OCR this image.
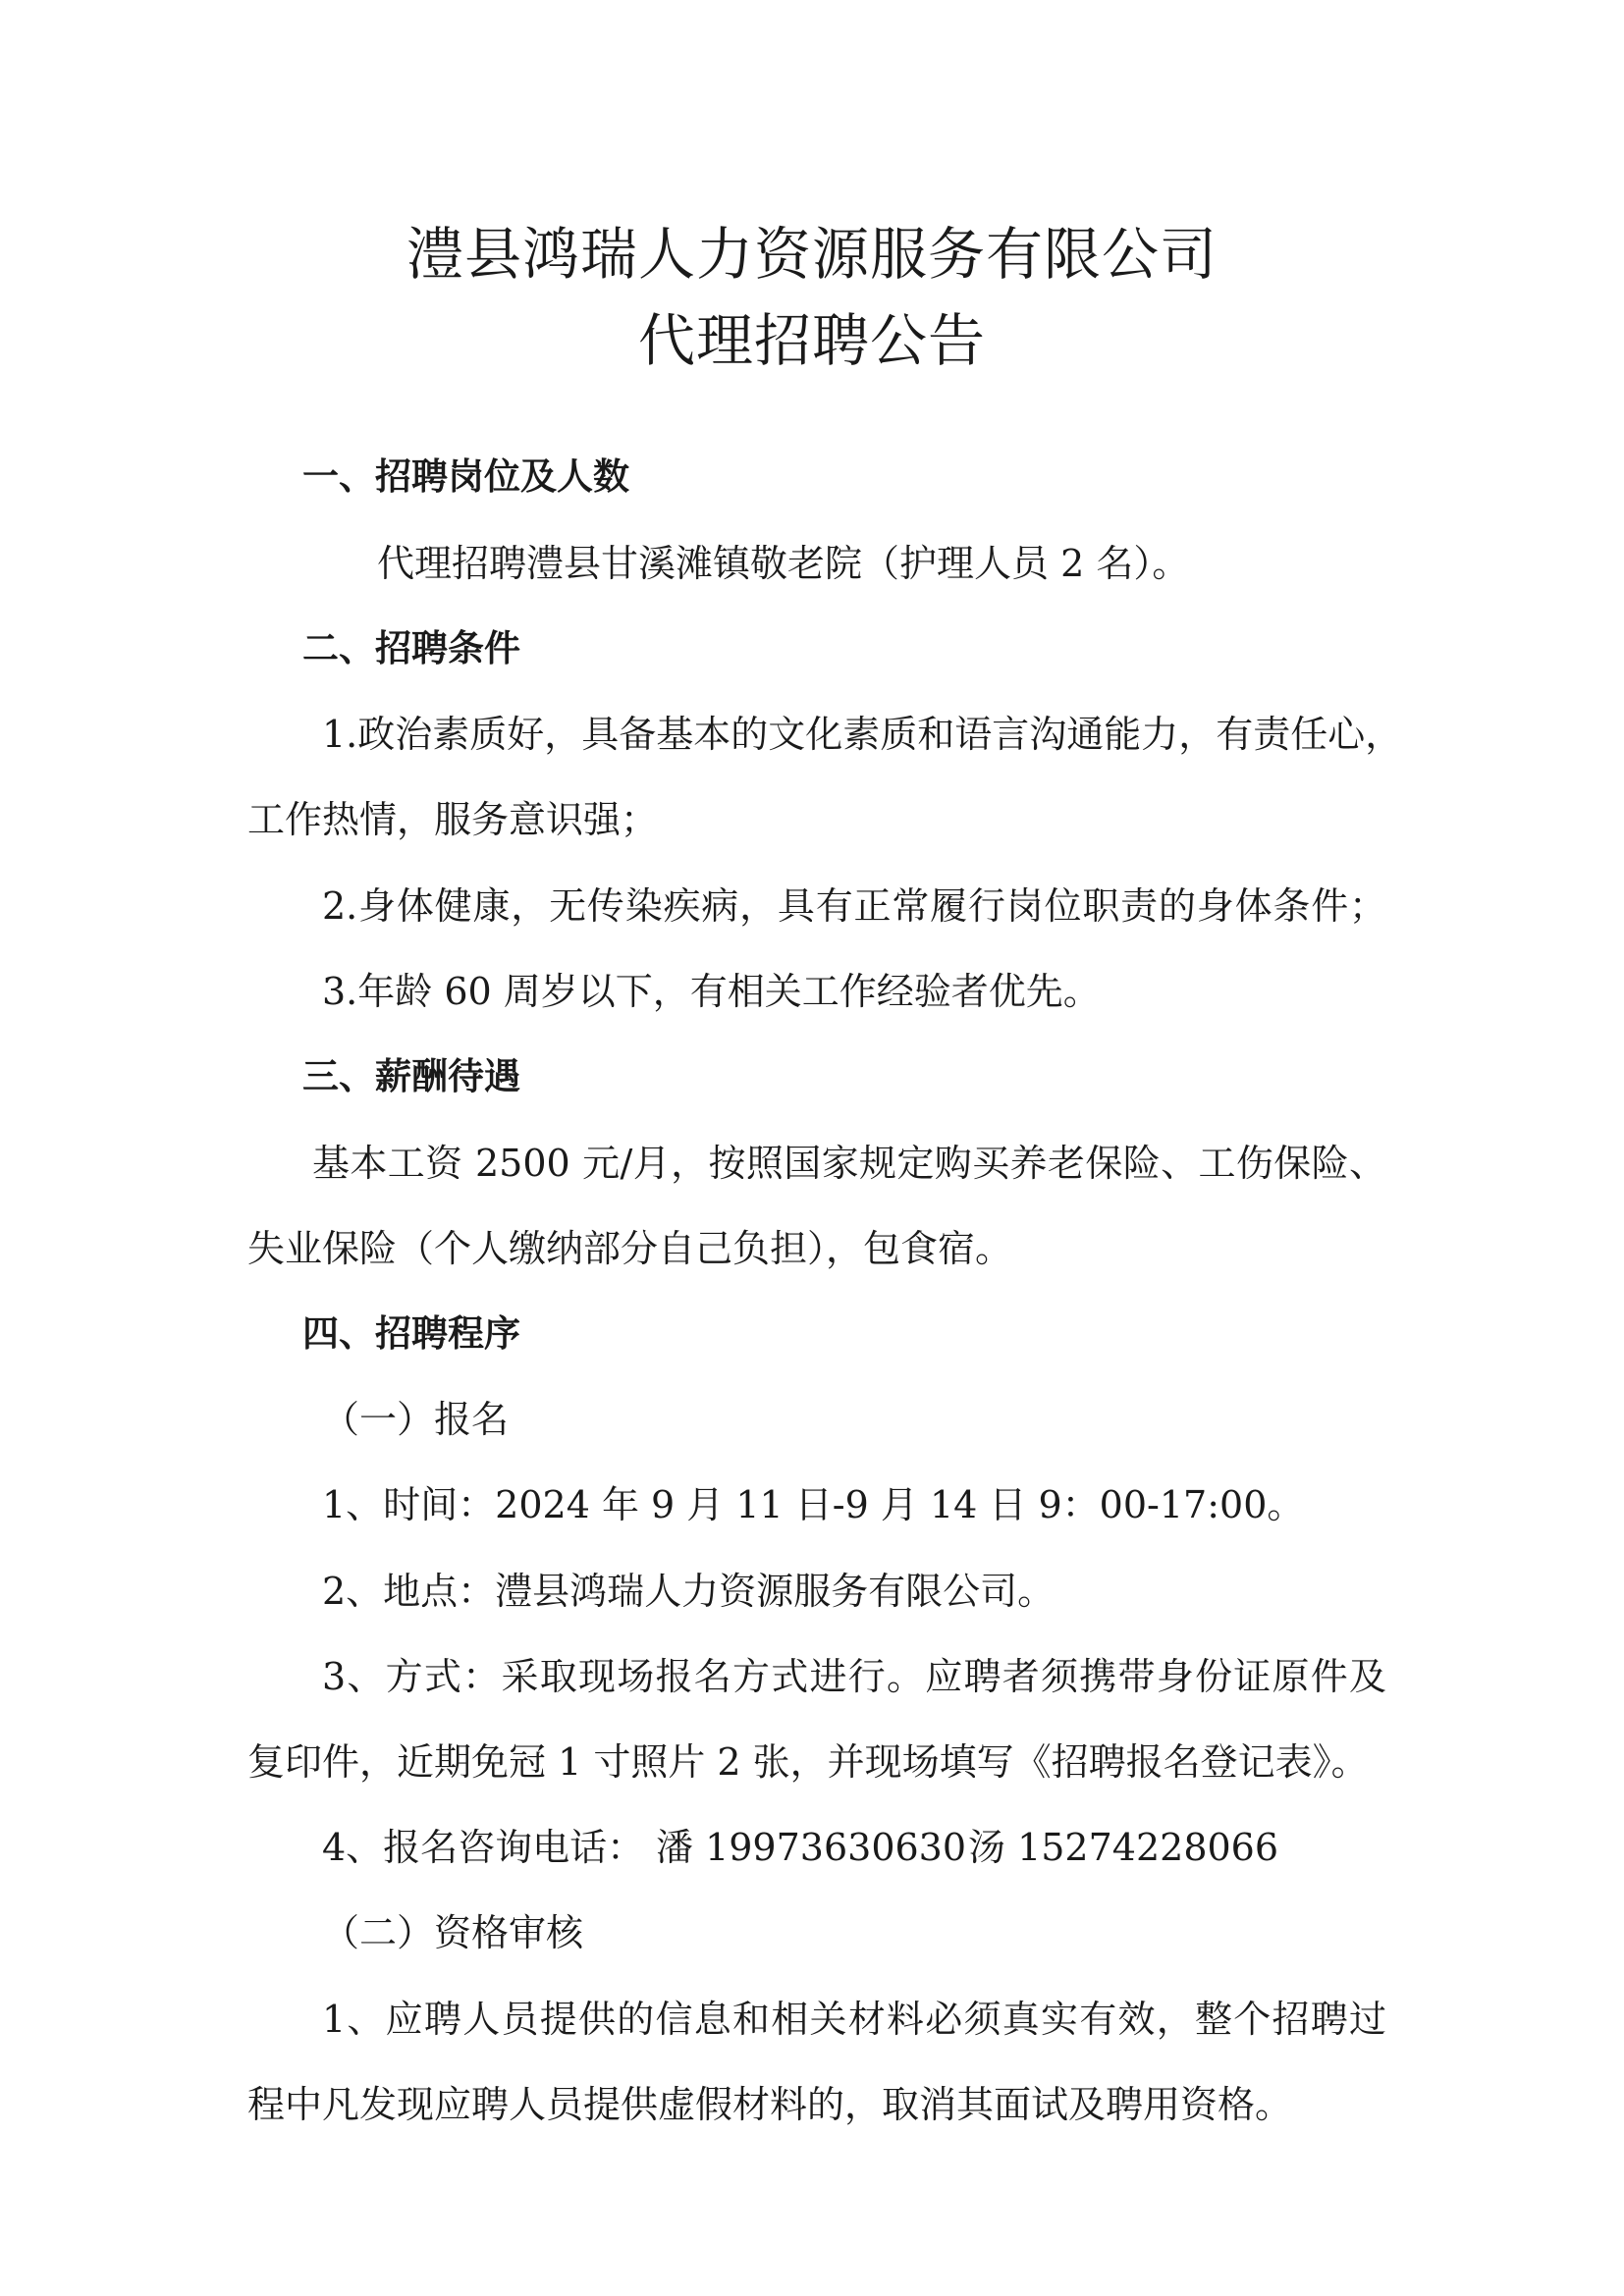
澧县鸿瑞人力资源服务有限公司
代理招聘公告
一、招聘岗位及人数
代理招聘澧县甘溪滩镇敬老院（护理人员 2 名）。
二、招聘条件
1.政治素质好，具备基本的文化素质和语言沟通能力，有责任心，
工作热情，服务意识强；
2.身体健康，无传染疾病，具有正常履行岗位职责的身体条件；
3.年龄 60 周岁以下，有相关工作经验者优先。
三、薪酬待遇
基本工资 2500 元/月，按照国家规定购买养老保险、工伤保险、
失业保险（个人缴纳部分自己负担），包食宿。
四、招聘程序
（一）报名
1、时间：2024 年 9 月 11 日-9 月 14 日 9：00-17:00。
2、地点：澧县鸿瑞人力资源服务有限公司。
3、方式：采取现场报名方式进行。应聘者须携带身份证原件及
复印件，近期免冠 1 寸照片 2 张，并现场填写《招聘报名登记表》。
4、报名咨询电话： 潘 19973630630 汤 15274228066
（二）资格审核
1、应聘人员提供的信息和相关材料必须真实有效，整个招聘过
程中凡发现应聘人员提供虚假材料的，取消其面试及聘用资格。
